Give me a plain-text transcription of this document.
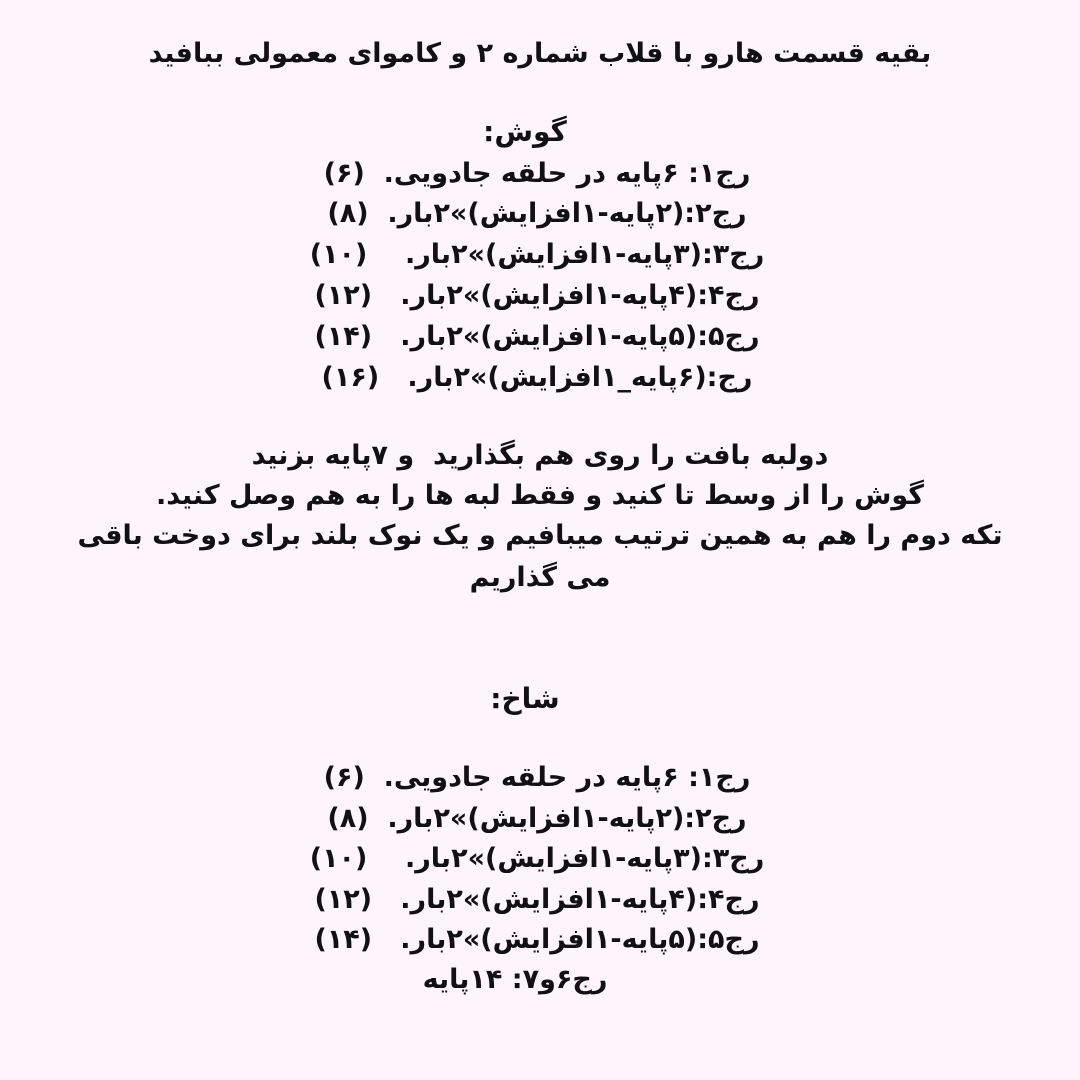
بقیه قسمت هارو با قلاب شماره ۲ و کاموای معمولی ببافید
گوش:
رج۱: ۶پایه در حلقه جادویی.  (۶)
رج۲:(۲پایه-۱افزایش)»۲بار.  (۸)
رج۳:(۳پایه-۱افزایش)»۲بار.    (۱۰)
رج۴:(۴پایه-۱افزایش)»۲بار.   (۱۲)
رج۵:(۵پایه-۱افزایش)»۲بار.   (۱۴)
رج:(۶پایه_۱افزایش)»۲بار.   (۱۶)
دولبه بافت را روی هم بگذارید  و ۷پایه بزنید
گوش را از وسط تا کنید و فقط لبه ها را به هم وصل کنید.
تکه دوم را هم به همین ترتیب میبافیم و یک نوک بلند برای دوخت باقی
می گذاریم
شاخ:
رج۱: ۶پایه در حلقه جادویی.  (۶)
رج۲:(۲پایه-۱افزایش)»۲بار.  (۸)
رج۳:(۳پایه-۱افزایش)»۲بار.    (۱۰)
رج۴:(۴پایه-۱افزایش)»۲بار.   (۱۲)
رج۵:(۵پایه-۱افزایش)»۲بار.   (۱۴)
رج۶و۷: ۱۴پایه
